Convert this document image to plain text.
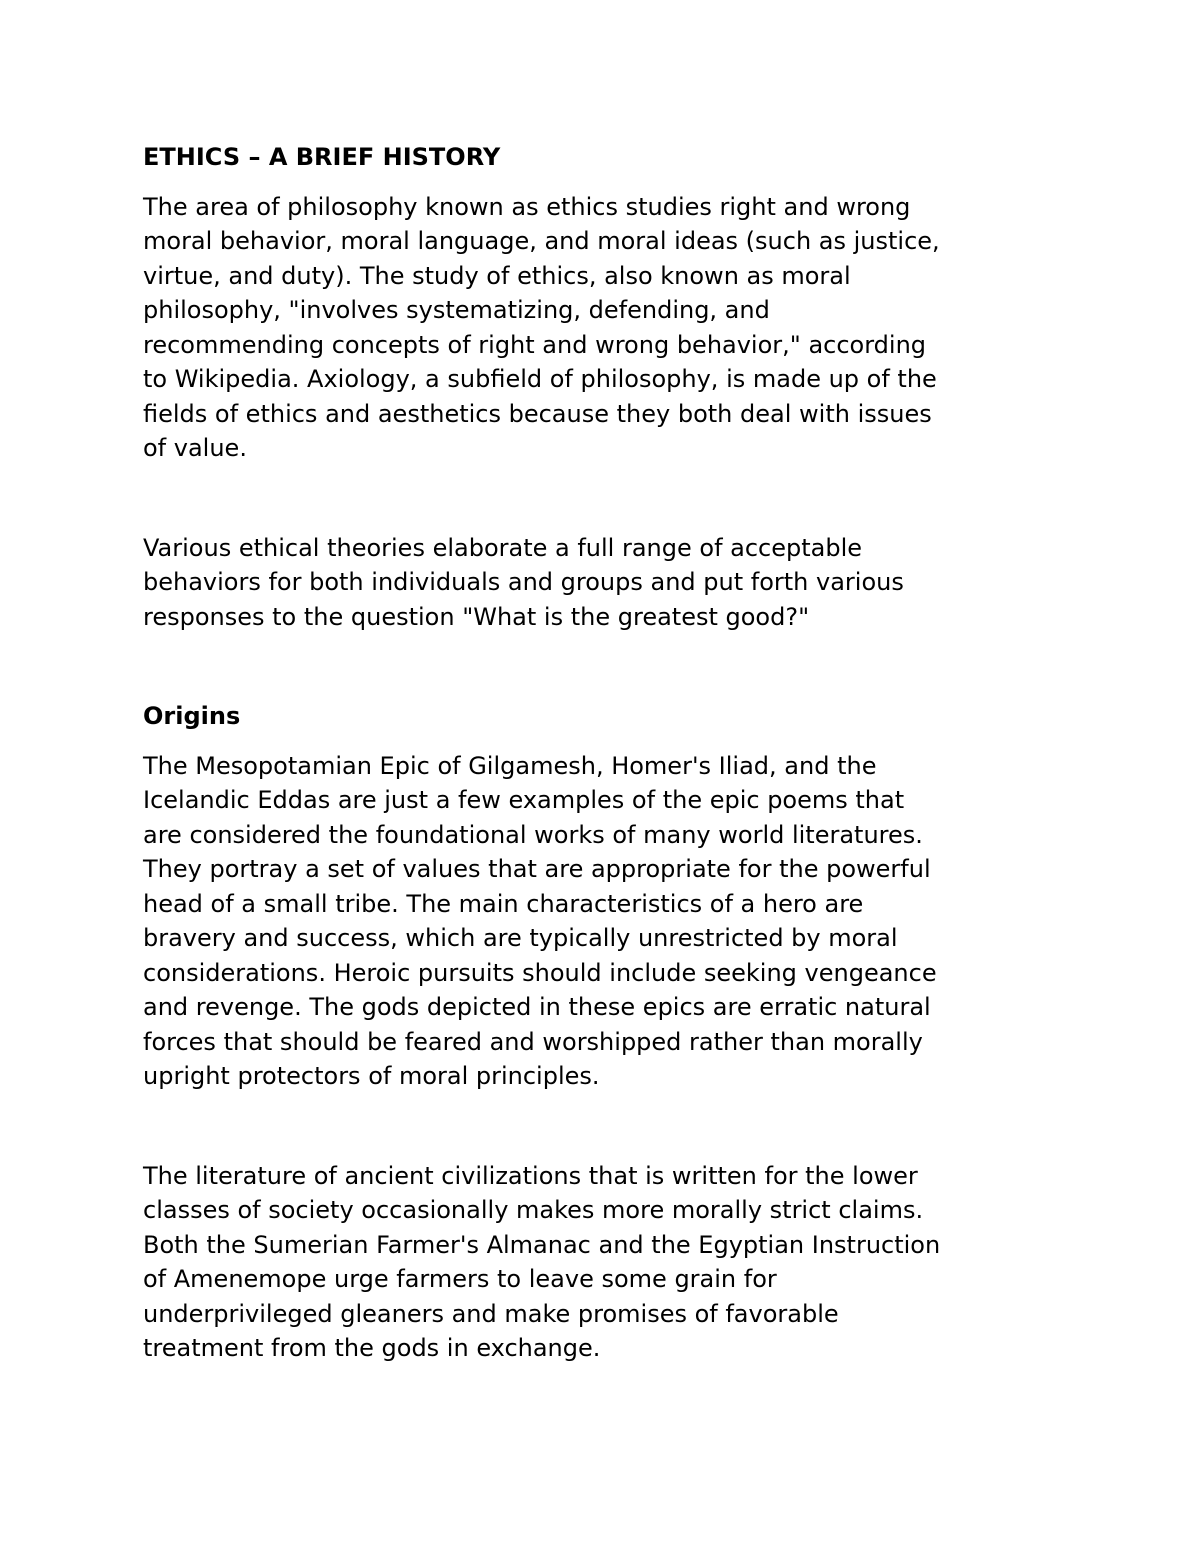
ETHICS – A BRIEF HISTORY
The area of philosophy known as ethics studies right and wrong
moral behavior, moral language, and moral ideas (such as justice,
virtue, and duty). The study of ethics, also known as moral
philosophy, "involves systematizing, defending, and
recommending concepts of right and wrong behavior," according
to Wikipedia. Axiology, a subfield of philosophy, is made up of the
fields of ethics and aesthetics because they both deal with issues
of value.
Various ethical theories elaborate a full range of acceptable
behaviors for both individuals and groups and put forth various
responses to the question "What is the greatest good?"
Origins
The Mesopotamian Epic of Gilgamesh, Homer's Iliad, and the
Icelandic Eddas are just a few examples of the epic poems that
are considered the foundational works of many world literatures.
They portray a set of values that are appropriate for the powerful
head of a small tribe. The main characteristics of a hero are
bravery and success, which are typically unrestricted by moral
considerations. Heroic pursuits should include seeking vengeance
and revenge. The gods depicted in these epics are erratic natural
forces that should be feared and worshipped rather than morally
upright protectors of moral principles.
The literature of ancient civilizations that is written for the lower
classes of society occasionally makes more morally strict claims.
Both the Sumerian Farmer's Almanac and the Egyptian Instruction
of Amenemope urge farmers to leave some grain for
underprivileged gleaners and make promises of favorable
treatment from the gods in exchange.
